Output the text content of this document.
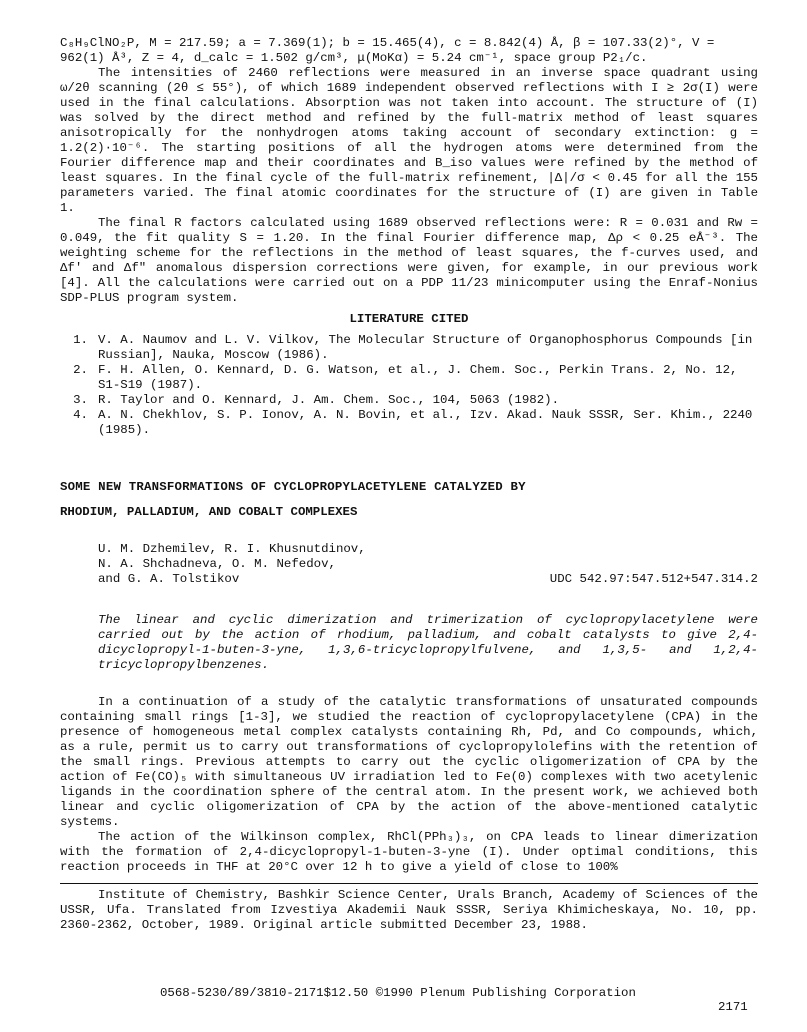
C₈H₉ClNO₂P, M = 217.59; a = 7.369(1); b = 15.465(4), c = 8.842(4) Å, β = 107.33(2)°, V =

962(1) Å³, Z = 4, d_calc = 1.502 g/cm³, μ(MoKα) = 5.24 cm⁻¹, space group P2₁/c.

The intensities of 2460 reflections were measured in an inverse space quadrant using ω/2θ scanning (2θ ≤ 55°), of which 1689 independent observed reflections with I ≥ 2σ(I) were used in the final calculations. Absorption was not taken into account. The structure of (I) was solved by the direct method and refined by the full-matrix method of least squares anisotropically for the nonhydrogen atoms taking account of secondary extinction: g = 1.2(2)·10⁻⁶. The starting positions of all the hydrogen atoms were determined from the Fourier difference map and their coordinates and B_iso values were refined by the method of least squares. In the final cycle of the full-matrix refinement, |Δ|/σ < 0.45 for all the 155 parameters varied. The final atomic coordinates for the structure of (I) are given in Table 1.

The final R factors calculated using 1689 observed reflections were: R = 0.031 and Rw = 0.049, the fit quality S = 1.20. In the final Fourier difference map, Δρ < 0.25 eÅ⁻³. The weighting scheme for the reflections in the method of least squares, the f-curves used, and Δf′ and Δf″ anomalous dispersion corrections were given, for example, in our previous work [4]. All the calculations were carried out on a PDP 11/23 minicomputer using the Enraf-Nonius SDP-PLUS program system.

LITERATURE CITED

1. V. A. Naumov and L. V. Vilkov, The Molecular Structure of Organophosphorus Compounds [in Russian], Nauka, Moscow (1986).
2. F. H. Allen, O. Kennard, D. G. Watson, et al., J. Chem. Soc., Perkin Trans. 2, No. 12, S1-S19 (1987).
3. R. Taylor and O. Kennard, J. Am. Chem. Soc., 104, 5063 (1982).
4. A. N. Chekhlov, S. P. Ionov, A. N. Bovin, et al., Izv. Akad. Nauk SSSR, Ser. Khim., 2240 (1985).

SOME NEW TRANSFORMATIONS OF CYCLOPROPYLACETYLENE CATALYZED BY

RHODIUM, PALLADIUM, AND COBALT COMPLEXES

U. M. Dzhemilev, R. I. Khusnutdinov,
N. A. Shchadneva, O. M. Nefedov,
and G. A. Tolstikov	UDC 542.97:547.512+547.314.2

The linear and cyclic dimerization and trimerization of cyclopropylacetylene were carried out by the action of rhodium, palladium, and cobalt catalysts to give 2,4-dicyclopropyl-1-buten-3-yne, 1,3,6-tricyclopropylfulvene, and 1,3,5- and 1,2,4-tricyclopropylbenzenes.

In a continuation of a study of the catalytic transformations of unsaturated compounds containing small rings [1-3], we studied the reaction of cyclopropylacetylene (CPA) in the presence of homogeneous metal complex catalysts containing Rh, Pd, and Co compounds, which, as a rule, permit us to carry out transformations of cyclopropylolefins with the retention of the small rings. Previous attempts to carry out the cyclic oligomerization of CPA by the action of Fe(CO)₅ with simultaneous UV irradiation led to Fe(0) complexes with two acetylenic ligands in the coordination sphere of the central atom. In the present work, we achieved both linear and cyclic oligomerization of CPA by the action of the above-mentioned catalytic systems.

The action of the Wilkinson complex, RhCl(PPh₃)₃, on CPA leads to linear dimerization with the formation of 2,4-dicyclopropyl-1-buten-3-yne (I). Under optimal conditions, this reaction proceeds in THF at 20°C over 12 h to give a yield of close to 100%

Institute of Chemistry, Bashkir Science Center, Urals Branch, Academy of Sciences of the USSR, Ufa. Translated from Izvestiya Akademii Nauk SSSR, Seriya Khimicheskaya, No. 10, pp. 2360-2362, October, 1989. Original article submitted December 23, 1988.

0568-5230/89/3810-2171$12.50 ©1990 Plenum Publishing Corporation
2171
